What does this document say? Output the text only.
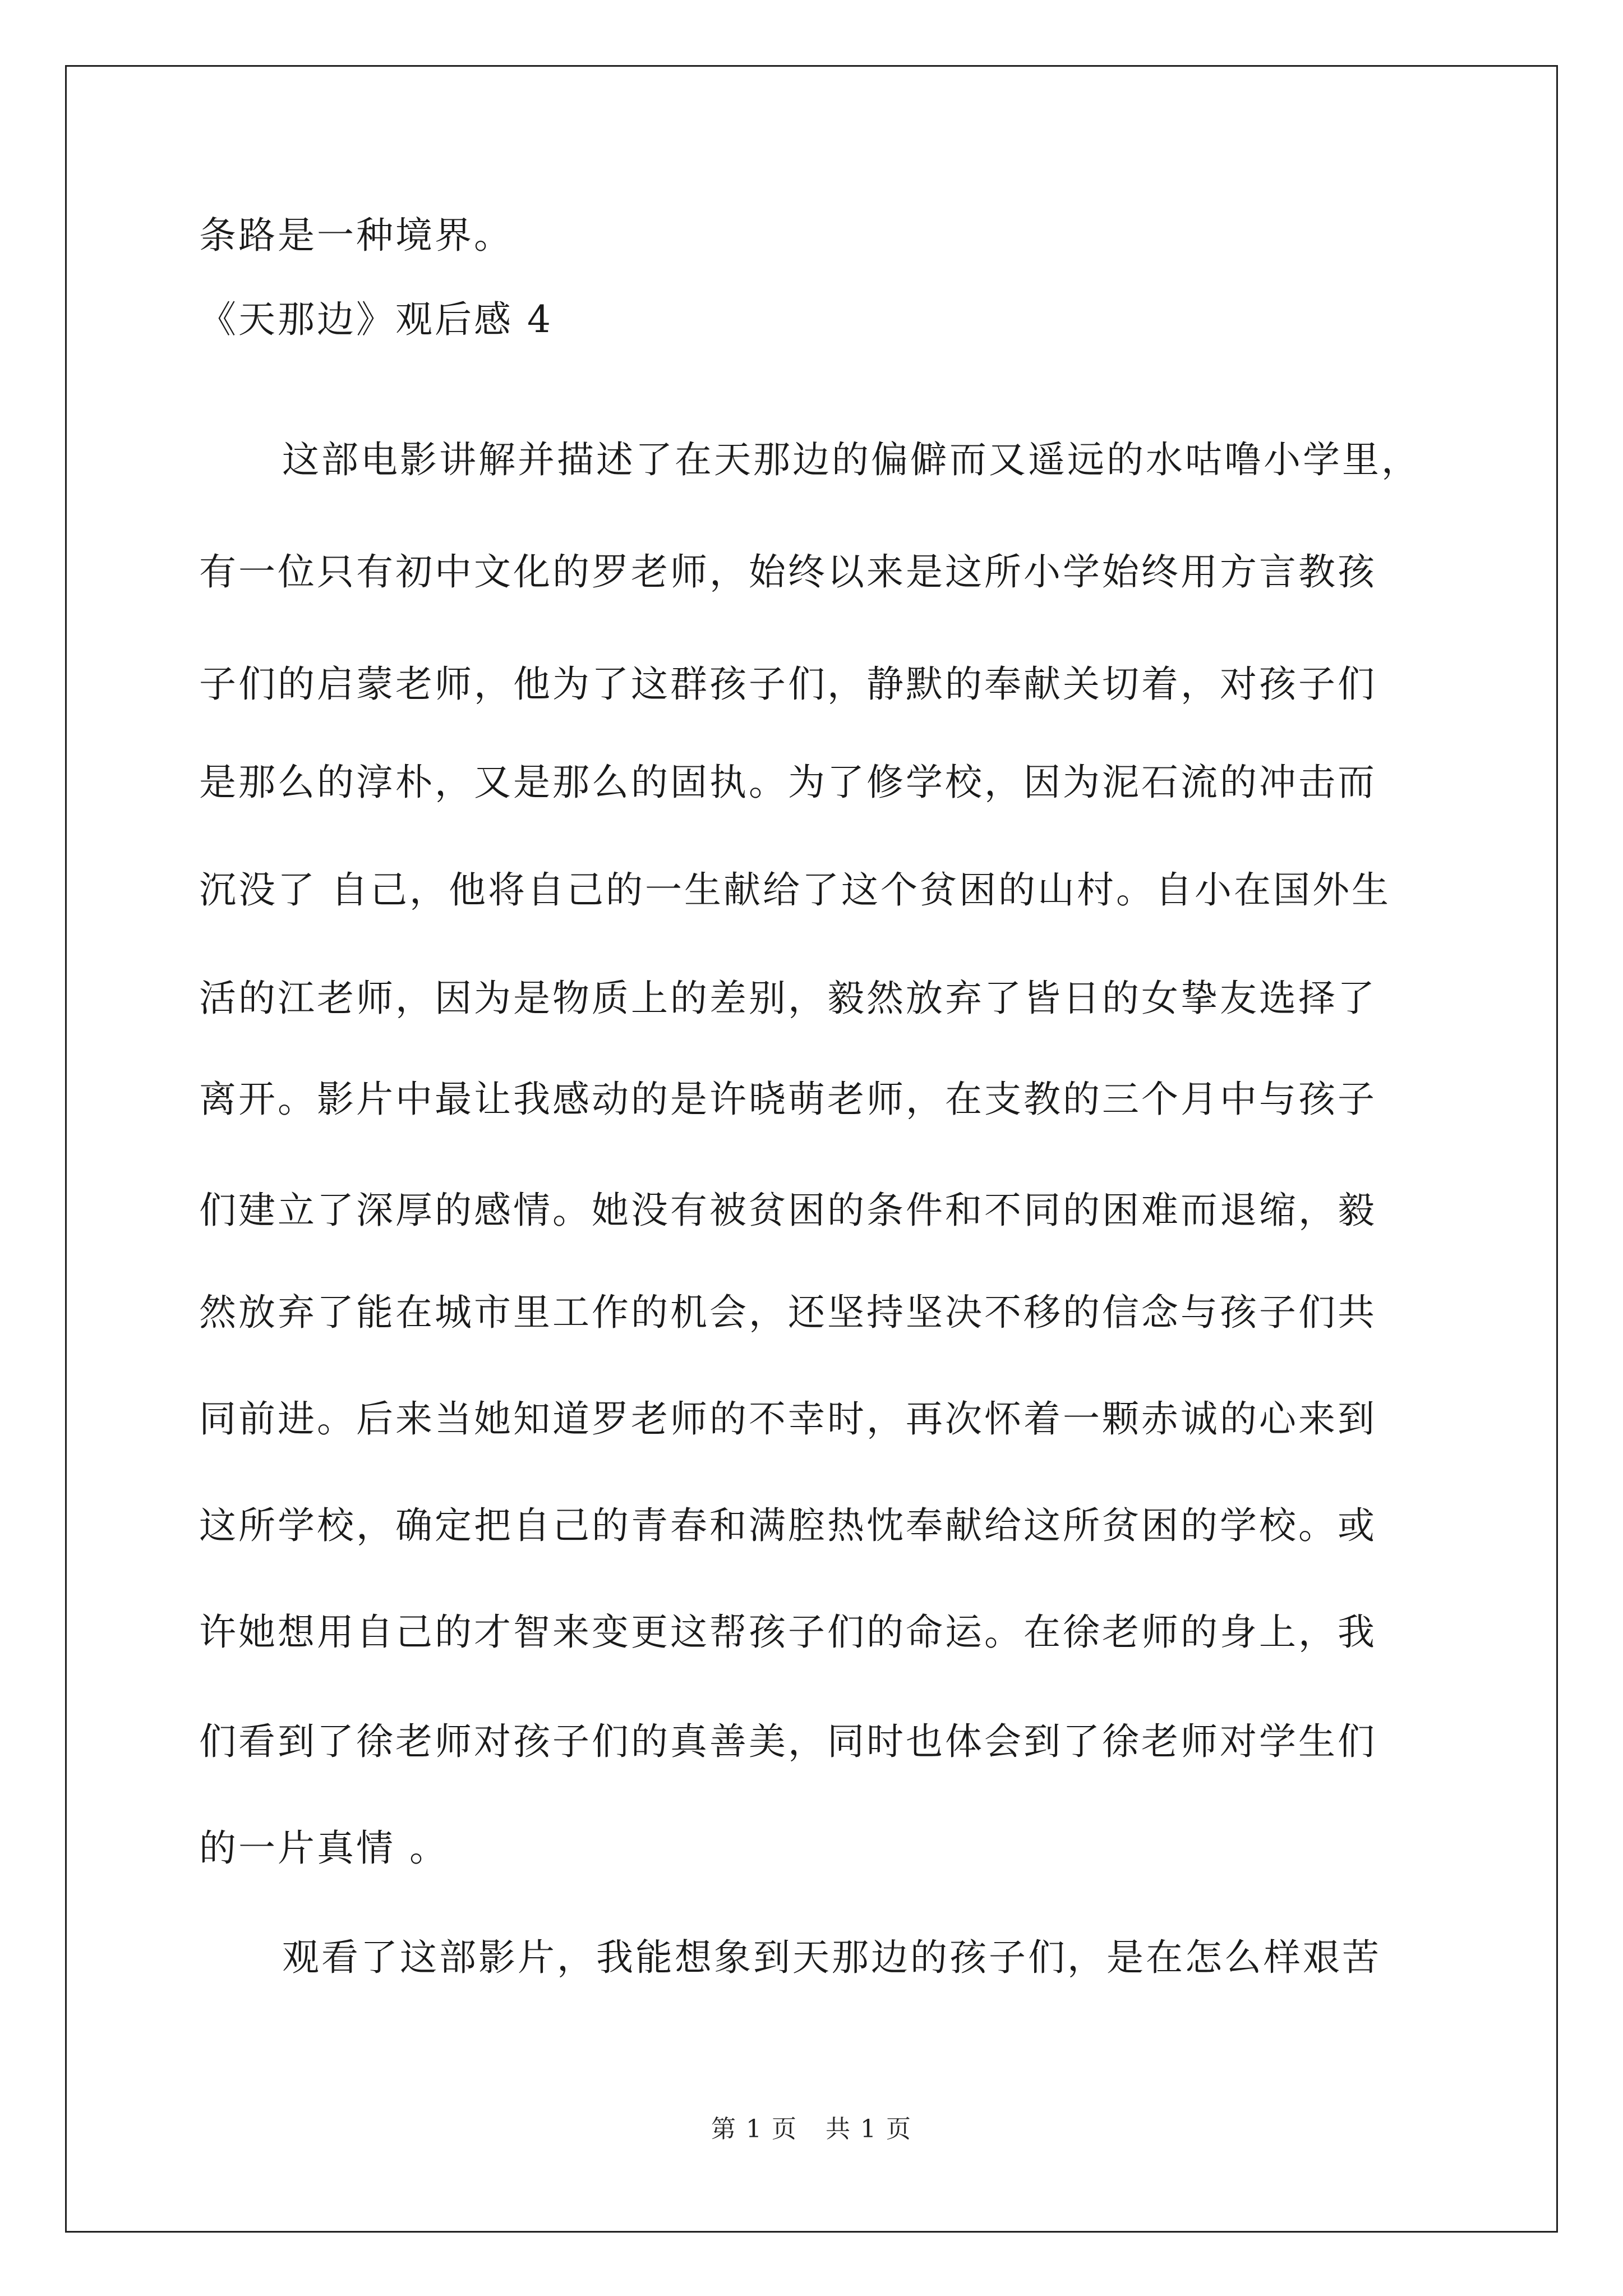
条路是一种境界。
《天那边》观后感 4
这部电影讲解并描述了在天那边的偏僻而又遥远的水咕噜小学里，
有一位只有初中文化的罗老师，始终以来是这所小学始终用方言教孩
子们的启蒙老师，他为了这群孩子们，静默的奉献关切着，对孩子们
是那么的淳朴，又是那么的固执。为了修学校，因为泥石流的冲击而
沉没了 自己，他将自己的一生献给了这个贫困的山村。自小在国外生
活的江老师，因为是物质上的差别，毅然放弃了皆日的女挚友选择了
离开。影片中最让我感动的是许晓萌老师，在支教的三个月中与孩子
们建立了深厚的感情。她没有被贫困的条件和不同的困难而退缩，毅
然放弃了能在城市里工作的机会，还坚持坚决不移的信念与孩子们共
同前进。后来当她知道罗老师的不幸时，再次怀着一颗赤诚的心来到
这所学校，确定把自己的青春和满腔热忱奉献给这所贫困的学校。或
许她想用自己的才智来变更这帮孩子们的命运。在徐老师的身上，我
们看到了徐老师对孩子们的真善美，同时也体会到了徐老师对学生们
的一片真情 。
观看了这部影片，我能想象到天那边的孩子们，是在怎么样艰苦
第 1 页 共 1 页
